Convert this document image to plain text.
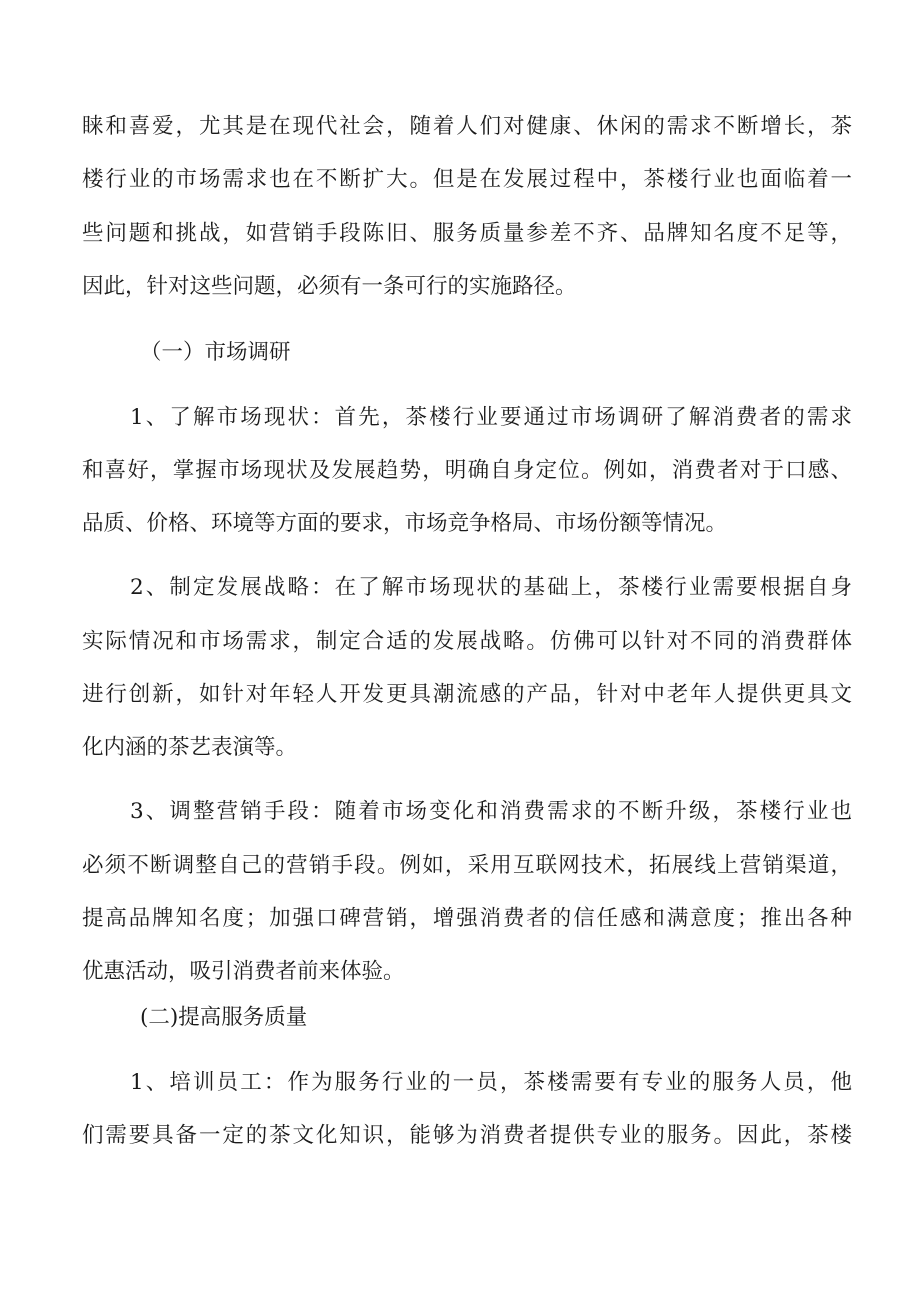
睐和喜爱，尤其是在现代社会，随着人们对健康、休闲的需求不断增长，茶
楼行业的市场需求也在不断扩大。但是在发展过程中，茶楼行业也面临着一
些问题和挑战，如营销手段陈旧、服务质量参差不齐、品牌知名度不足等，
因此，针对这些问题，必须有一条可行的实施路径。
（一）市场调研
1、了解市场现状：首先，茶楼行业要通过市场调研了解消费者的需求
和喜好，掌握市场现状及发展趋势，明确自身定位。例如，消费者对于口感、
品质、价格、环境等方面的要求，市场竞争格局、市场份额等情况。
2、制定发展战略：在了解市场现状的基础上，茶楼行业需要根据自身
实际情况和市场需求，制定合适的发展战略。仿佛可以针对不同的消费群体
进行创新，如针对年轻人开发更具潮流感的产品，针对中老年人提供更具文
化内涵的茶艺表演等。
3、调整营销手段：随着市场变化和消费需求的不断升级，茶楼行业也
必须不断调整自己的营销手段。例如，采用互联网技术，拓展线上营销渠道，
提高品牌知名度；加强口碑营销，增强消费者的信任感和满意度；推出各种
优惠活动，吸引消费者前来体验。
(二)提高服务质量
1、培训员工：作为服务行业的一员，茶楼需要有专业的服务人员，他
们需要具备一定的茶文化知识，能够为消费者提供专业的服务。因此，茶楼
